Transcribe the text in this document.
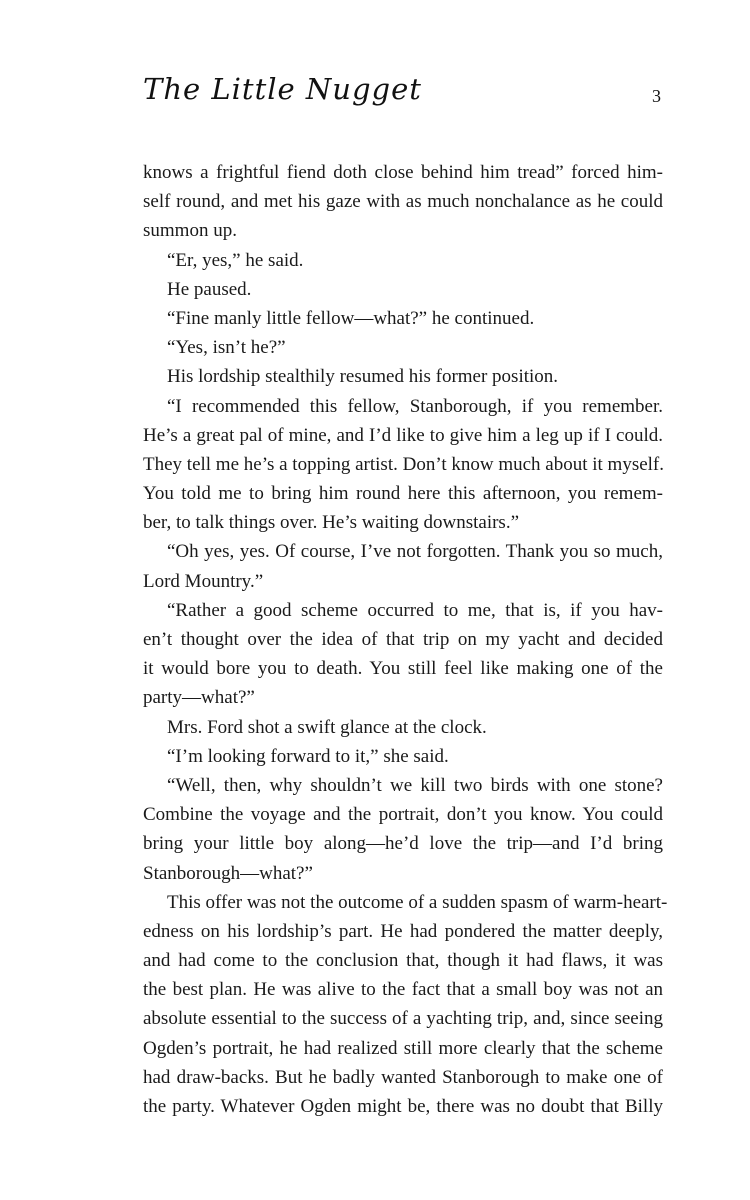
The Little Nugget	3
knows a frightful fiend doth close behind him tread” forced him-
self round, and met his gaze with as much nonchalance as he could
summon up.
“Er, yes,” he said.
He paused.
“Fine manly little fellow—what?” he continued.
“Yes, isn’t he?”
His lordship stealthily resumed his former position.
“I recommended this fellow, Stanborough, if you remember.
He’s a great pal of mine, and I’d like to give him a leg up if I could.
They tell me he’s a topping artist. Don’t know much about it myself.
You told me to bring him round here this afternoon, you remem-
ber, to talk things over. He’s waiting downstairs.”
“Oh yes, yes. Of course, I’ve not forgotten. Thank you so much,
Lord Mountry.”
“Rather a good scheme occurred to me, that is, if you hav-
en’t thought over the idea of that trip on my yacht and decided
it would bore you to death. You still feel like making one of the
party—what?”
Mrs. Ford shot a swift glance at the clock.
“I’m looking forward to it,” she said.
“Well, then, why shouldn’t we kill two birds with one stone?
Combine the voyage and the portrait, don’t you know. You could
bring your little boy along—he’d love the trip—and I’d bring
Stanborough—what?”
This offer was not the outcome of a sudden spasm of warm-heart-
edness on his lordship’s part. He had pondered the matter deeply,
and had come to the conclusion that, though it had flaws, it was
the best plan. He was alive to the fact that a small boy was not an
absolute essential to the success of a yachting trip, and, since seeing
Ogden’s portrait, he had realized still more clearly that the scheme
had draw-backs. But he badly wanted Stanborough to make one of
the party. Whatever Ogden might be, there was no doubt that Billy
